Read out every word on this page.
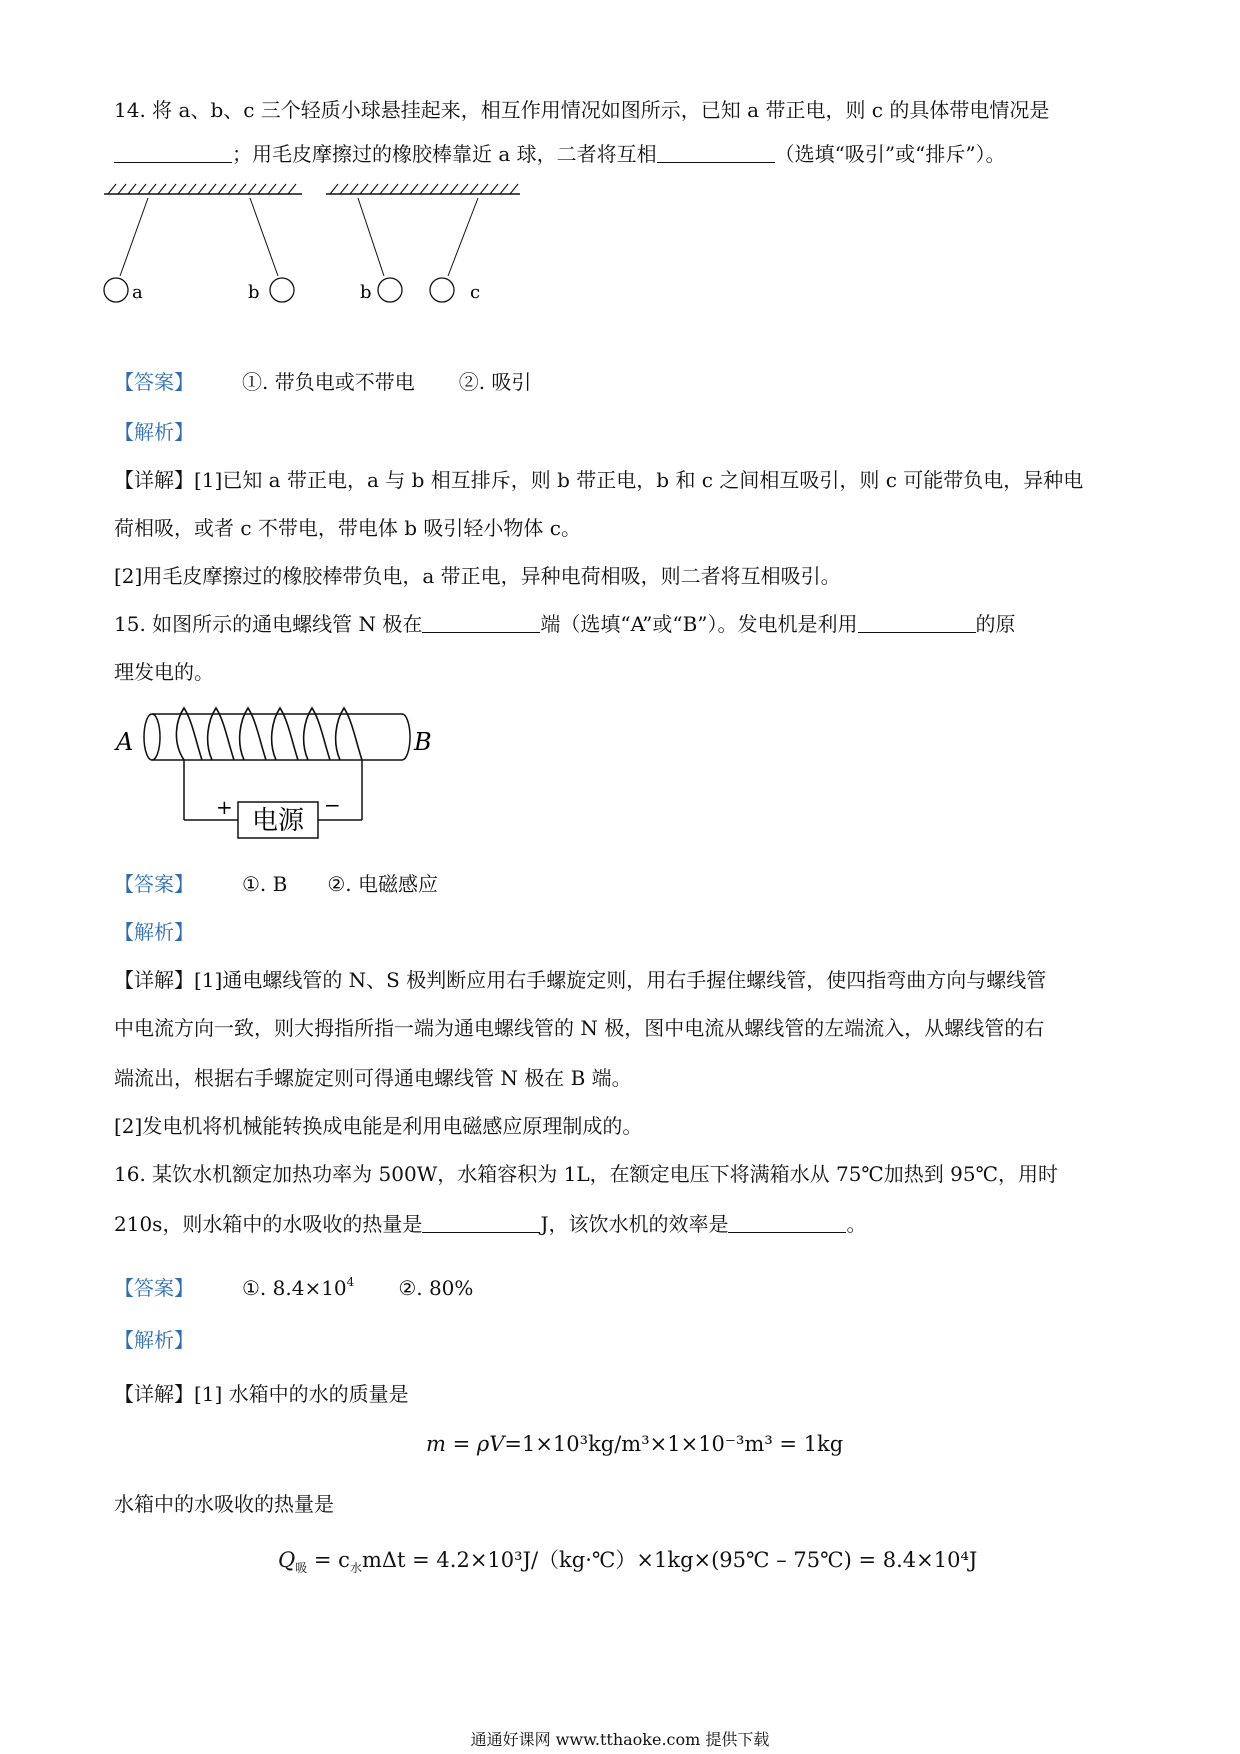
14. 将 a、b、c 三个轻质小球悬挂起来，相互作用情况如图所示，已知 a 带正电，则 c 的具体带电情况是
；用毛皮摩擦过的橡胶棒靠近 a 球，二者将互相	（选填“吸引”或“排斥”）。
a	b	b	c
【答案】 ①. 带负电或不带电 ②. 吸引
【解析】
【详解】[1]已知 a 带正电，a 与 b 相互排斥，则 b 带正电，b 和 c 之间相互吸引，则 c 可能带负电，异种电
荷相吸，或者 c 不带电，带电体 b 吸引轻小物体 c。
[2]用毛皮摩擦过的橡胶棒带负电，a 带正电，异种电荷相吸，则二者将互相吸引。
15. 如图所示的通电螺线管 N 极在	端（选填“A”或“B”）。发电机是利用	的原
理发电的。
A	B
+	−
电源
【答案】 ①. B ②. 电磁感应
【解析】
【详解】[1]通电螺线管的 N、S 极判断应用右手螺旋定则，用右手握住螺线管，使四指弯曲方向与螺线管
中电流方向一致，则大拇指所指一端为通电螺线管的 N 极，图中电流从螺线管的左端流入，从螺线管的右
端流出，根据右手螺旋定则可得通电螺线管 N 极在 B 端。
[2]发电机将机械能转换成电能是利用电磁感应原理制成的。
16. 某饮水机额定加热功率为 500W，水箱容积为 1L，在额定电压下将满箱水从 75℃加热到 95℃，用时
210s，则水箱中的水吸收的热量是	J，该饮水机的效率是	。
【答案】 ①. $8.4\times 10^4$ ②. 80%
【解析】
【详解】[1] 水箱中的水的质量是
m = ρV=1×10³kg/m³×1×10⁻³m³ = 1kg
水箱中的水吸收的热量是
$Q_吸 = c_水m\Delta t$ = 4.2×10³J/（kg·℃）×1kg×(95℃ – 75℃) = 8.4×10⁴J
通通好课网 www.tthaoke.com 提供下载
